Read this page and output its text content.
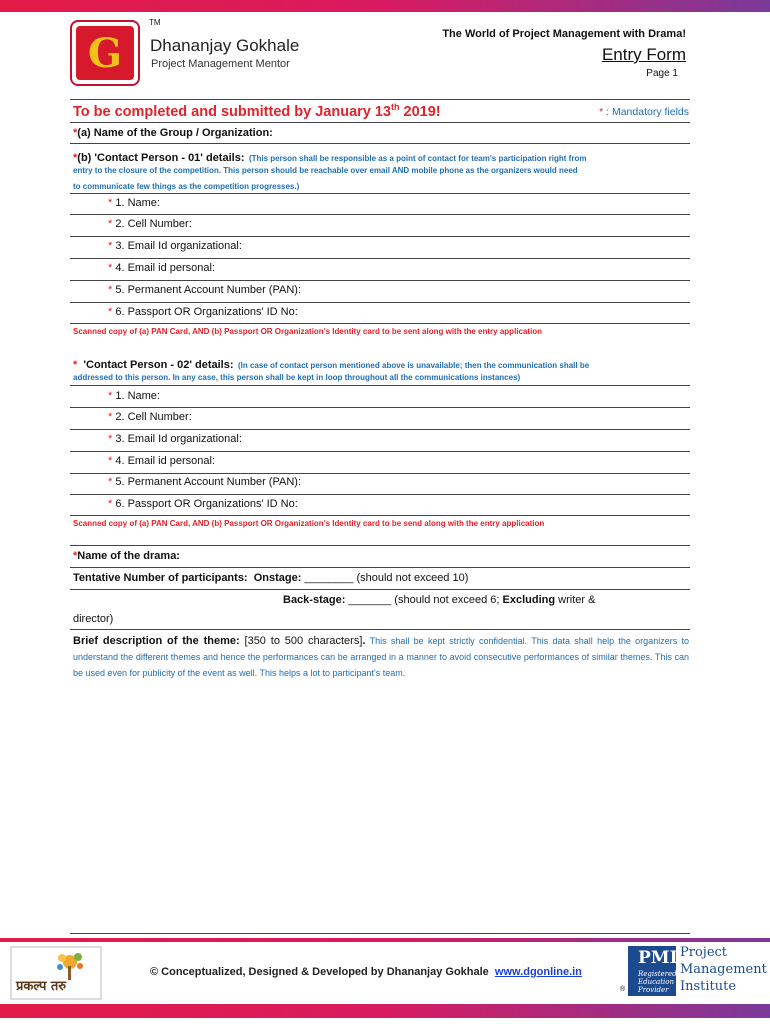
TM
G	Dhananjay Gokhale
Project Management Mentor
The World of Project Management with Drama!
Entry Form
Page 1
To be completed and submitted by January 13th 2019!	* : Mandatory fields
*(a) Name of the Group / Organization:
*(b) 'Contact Person - 01' details: (This person shall be responsible as a point of contact for team's participation right from
entry to the closure of the competition. This person should be reachable over email AND mobile phone as the organizers would need
to communicate few things as the competition progresses.)
* 1. Name:
* 2. Cell Number:
* 3. Email Id organizational:
* 4. Email id personal:
* 5. Permanent Account Number (PAN):
* 6. Passport OR Organizations' ID No:
Scanned copy of (a) PAN Card, AND (b) Passport OR Organization's Identity card to be sent along with the entry application
* 'Contact Person - 02' details: (In case of contact person mentioned above is unavailable; then the communication shall be
addressed to this person. In any case, this person shall be kept in loop throughout all the communications instances)
* 1. Name:
* 2. Cell Number:
* 3. Email Id organizational:
* 4. Email id personal:
* 5. Permanent Account Number (PAN):
* 6. Passport OR Organizations' ID No:
Scanned copy of (a) PAN Card, AND (b) Passport OR Organization's Identity card to be send along with the entry application
*Name of the drama:
Tentative Number of participants: Onstage: ________ (should not exceed 10)
Back-stage: _______ (should not exceed 6; Excluding writer &
director)
Brief description of the theme: [350 to 500 characters]. This shall be kept strictly confidential. This data shall help the organizers to understand the different themes and hence the performances can be arranged in a manner to avoid consecutive performances of similar themes. This can be used even for publicity of the event as well. This helps a lot to participant's team.
प्रकल्प तरु
© Conceptualized, Designed & Developed by Dhananjay Gokhale www.dgonline.in
PMI
Registered Education Provider
®
Project
Management
Institute
